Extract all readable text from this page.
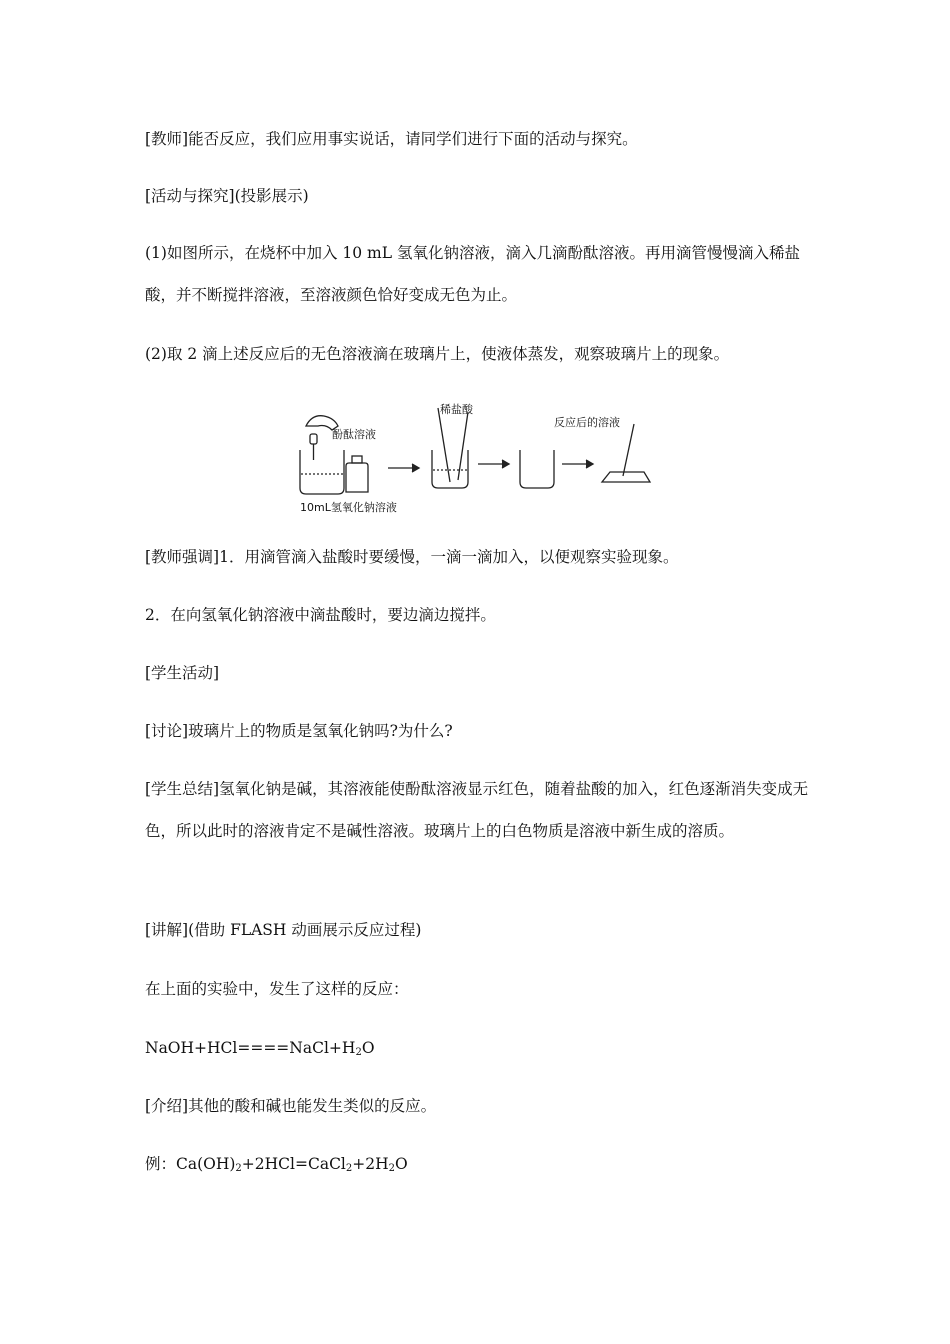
[教师]能否反应，我们应用事实说话，请同学们进行下面的活动与探究。

[活动与探究](投影展示)

(1)如图所示，在烧杯中加入 10 mL 氢氧化钠溶液，滴入几滴酚酞溶液。再用滴管慢慢滴入稀盐酸，并不断搅拌溶液，至溶液颜色恰好变成无色为止。

(2)取 2 滴上述反应后的无色溶液滴在玻璃片上，使液体蒸发，观察玻璃片上的现象。

酚酞溶液
10mL氢氧化钠溶液
稀盐酸
反应后的溶液

[教师强调]1．用滴管滴入盐酸时要缓慢，一滴一滴加入，以便观察实验现象。

2．在向氢氧化钠溶液中滴盐酸时，要边滴边搅拌。

[学生活动]

[讨论]玻璃片上的物质是氢氧化钠吗?为什么?

[学生总结]氢氧化钠是碱，其溶液能使酚酞溶液显示红色，随着盐酸的加入，红色逐渐消失变成无色，所以此时的溶液肯定不是碱性溶液。玻璃片上的白色物质是溶液中新生成的溶质。

[讲解](借助 FLASH 动画展示反应过程)

在上面的实验中，发生了这样的反应：

$NaOH+HCl====NaCl+H_2O$

[介绍]其他的酸和碱也能发生类似的反应。

例：$Ca(OH)_2+2HCl=CaCl_2+2H_2O$
